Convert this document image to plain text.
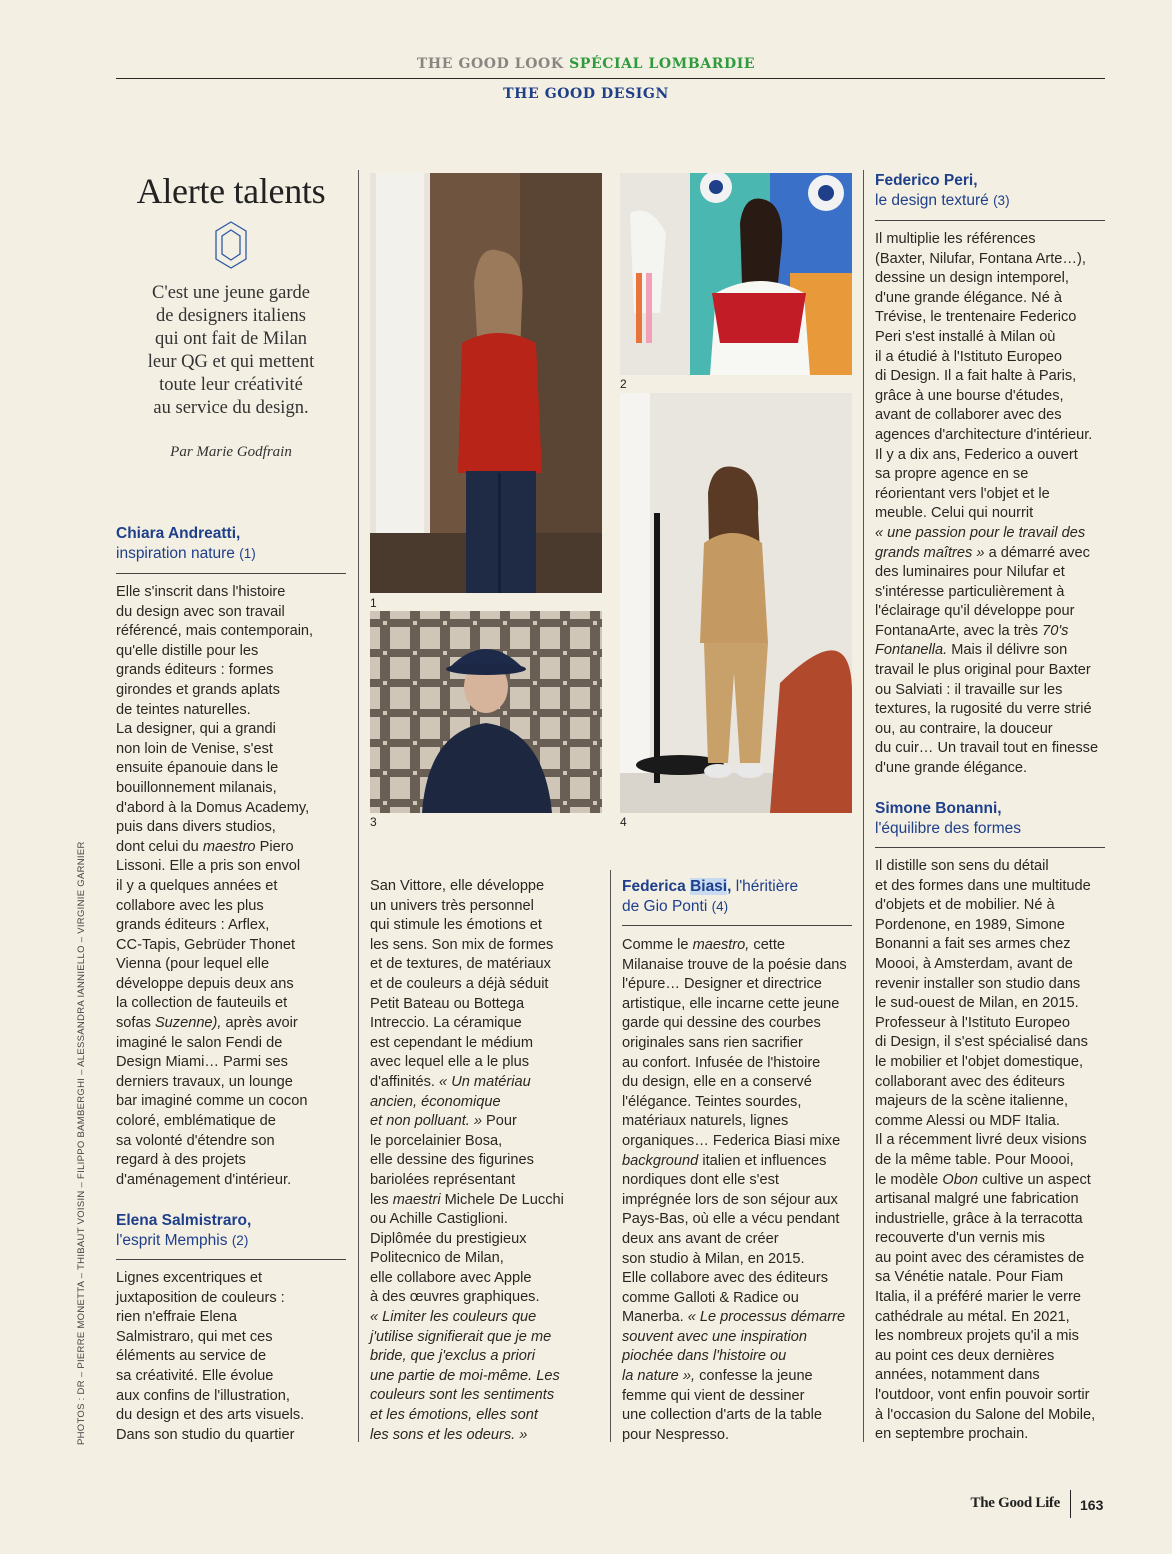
THE GOOD LOOK SPÉCIAL LOMBARDIE
THE GOOD DESIGN
Alerte talents
C'est une jeune garde
de designers italiens
qui ont fait de Milan
leur QG et qui mettent
toute leur créativité
au service du design.
Par Marie Godfrain
Chiara Andreatti,
inspiration nature (1)

Elle s'inscrit dans l'histoire

du design avec son travail

référencé, mais contemporain,

qu'elle distille pour les

grands éditeurs : formes

girondes et grands aplats

de teintes naturelles.

La designer, qui a grandi

non loin de Venise, s'est

ensuite épanouie dans le

bouillonnement milanais,

d'abord à la Domus Academy,

puis dans divers studios,

dont celui du maestro Piero

Lissoni. Elle a pris son envol

il y a quelques années et

collabore avec les plus

grands éditeurs : Arflex,

CC-Tapis, Gebrüder Thonet

Vienna (pour lequel elle

développe depuis deux ans

la collection de fauteuils et

sofas Suzenne), après avoir

imaginé le salon Fendi de

Design Miami… Parmi ses

derniers travaux, un lounge

bar imaginé comme un cocon

coloré, emblématique de

sa volonté d'étendre son

regard à des projets

d'aménagement d'intérieur.

Elena Salmistraro,
l'esprit Memphis (2)

Lignes excentriques et

juxtaposition de couleurs :

rien n'effraie Elena

Salmistraro, qui met ces

éléments au service de

sa créativité. Elle évolue

aux confins de l'illustration,

du design et des arts visuels.

Dans son studio du quartier

1
3
2
4

San Vittore, elle développe

un univers très personnel

qui stimule les émotions et

les sens. Son mix de formes

et de textures, de matériaux

et de couleurs a déjà séduit

Petit Bateau ou Bottega

Intreccio. La céramique

est cependant le médium

avec lequel elle a le plus

d'affinités. « Un matériau

ancien, économique

et non polluant. » Pour

le porcelainier Bosa,

elle dessine des figurines

bariolées représentant

les maestri Michele De Lucchi

ou Achille Castiglioni.

Diplômée du prestigieux

Politecnico de Milan,

elle collabore avec Apple

à des œuvres graphiques.

« Limiter les couleurs que

j'utilise signifierait que je me

bride, que j'exclus a priori

une partie de moi-même. Les

couleurs sont les sentiments

et les émotions, elles sont

les sons et les odeurs. »

Federica Biasi, l'héritière
de Gio Ponti (4)

Comme le maestro, cette

Milanaise trouve de la poésie dans

l'épure… Designer et directrice

artistique, elle incarne cette jeune

garde qui dessine des courbes

originales sans rien sacrifier

au confort. Infusée de l'histoire

du design, elle en a conservé

l'élégance. Teintes sourdes,

matériaux naturels, lignes

organiques… Federica Biasi mixe

background italien et influences

nordiques dont elle s'est

imprégnée lors de son séjour aux

Pays-Bas, où elle a vécu pendant

deux ans avant de créer

son studio à Milan, en 2015.

Elle collabore avec des éditeurs

comme Galloti & Radice ou

Manerba. « Le processus démarre

souvent avec une inspiration

piochée dans l'histoire ou

la nature », confesse la jeune

femme qui vient de dessiner

une collection d'arts de la table

pour Nespresso.

Federico Peri,
le design texturé (3)

Il multiplie les références

(Baxter, Nilufar, Fontana Arte…),

dessine un design intemporel,

d'une grande élégance. Né à

Trévise, le trentenaire Federico

Peri s'est installé à Milan où

il a étudié à l'Istituto Europeo

di Design. Il a fait halte à Paris,

grâce à une bourse d'études,

avant de collaborer avec des

agences d'architecture d'intérieur.

Il y a dix ans, Federico a ouvert

sa propre agence en se

réorientant vers l'objet et le

meuble. Celui qui nourrit

« une passion pour le travail des

grands maîtres » a démarré avec

des luminaires pour Nilufar et

s'intéresse particulièrement à

l'éclairage qu'il développe pour

FontanaArte, avec la très 70's

Fontanella. Mais il délivre son

travail le plus original pour Baxter

ou Salviati : il travaille sur les

textures, la rugosité du verre strié

ou, au contraire, la douceur

du cuir… Un travail tout en finesse

d'une grande élégance.

Simone Bonanni,
l'équilibre des formes

Il distille son sens du détail

et des formes dans une multitude

d'objets et de mobilier. Né à

Pordenone, en 1989, Simone

Bonanni a fait ses armes chez

Moooi, à Amsterdam, avant de

revenir installer son studio dans

le sud-ouest de Milan, en 2015.

Professeur à l'Istituto Europeo

di Design, il s'est spécialisé dans

le mobilier et l'objet domestique,

collaborant avec des éditeurs

majeurs de la scène italienne,

comme Alessi ou MDF Italia.

Il a récemment livré deux visions

de la même table. Pour Moooi,

le modèle Obon cultive un aspect

artisanal malgré une fabrication

industrielle, grâce à la terracotta

recouverte d'un vernis mis

au point avec des céramistes de

sa Vénétie natale. Pour Fiam

Italia, il a préféré marier le verre

cathédrale au métal. En 2021,

les nombreux projets qu'il a mis

au point ces deux dernières

années, notamment dans

l'outdoor, vont enfin pouvoir sortir

à l'occasion du Salone del Mobile,

en septembre prochain.

PHOTOS : DR – PIERRE MONETTA – THIBAUT VOISIN – FILIPPO BAMBERGHI – ALESSANDRA IANNIELLO – VIRGINIE GARNIER
The Good Life 163
